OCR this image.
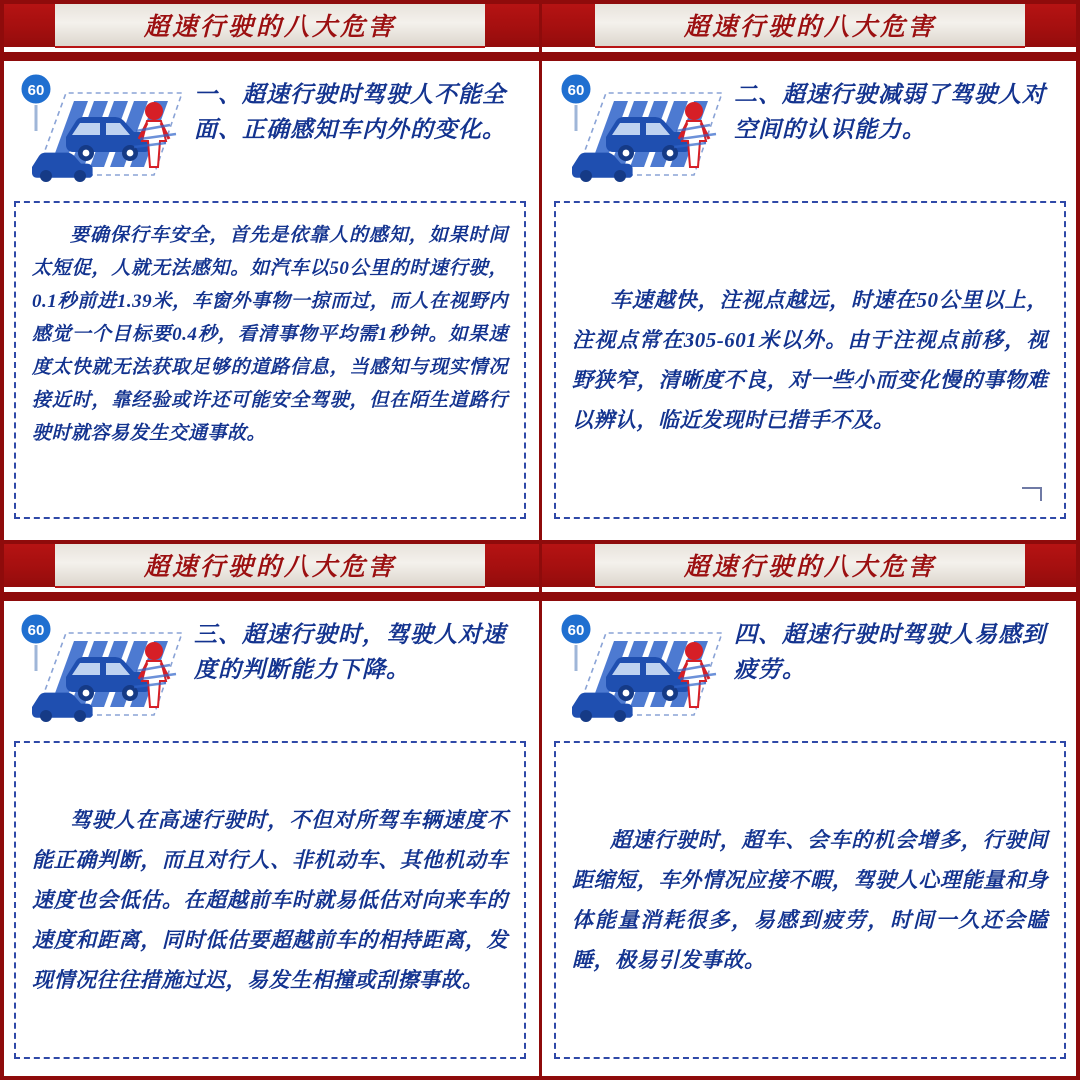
超速行驶的八大危害
60	一、超速行驶时驾驶人不能全面、正确感知车内外的变化。
要确保行车安全，首先是依靠人的感知，如果时间太短促，人就无法感知。如汽车以50公里的时速行驶，0.1秒前进1.39米，车窗外事物一掠而过，而人在视野内感觉一个目标要0.4秒，看清事物平均需1秒钟。如果速度太快就无法获取足够的道路信息，当感知与现实情况接近时，靠经验或许还可能安全驾驶，但在陌生道路行驶时就容易发生交通事故。
超速行驶的八大危害
60	二、超速行驶减弱了驾驶人对空间的认识能力。
车速越快，注视点越远，时速在50公里以上，注视点常在305-601米以外。由于注视点前移，视野狭窄，清晰度不良，对一些小而变化慢的事物难以辨认，临近发现时已措手不及。
超速行驶的八大危害
60	三、超速行驶时，驾驶人对速度的判断能力下降。
驾驶人在高速行驶时，不但对所驾车辆速度不能正确判断，而且对行人、非机动车、其他机动车速度也会低估。在超越前车时就易低估对向来车的速度和距离，同时低估要超越前车的相持距离，发现情况往往措施过迟，易发生相撞或刮擦事故。
超速行驶的八大危害
60	四、超速行驶时驾驶人易感到疲劳。
超速行驶时，超车、会车的机会增多，行驶间距缩短，车外情况应接不暇，驾驶人心理能量和身体能量消耗很多，易感到疲劳，时间一久还会瞌睡，极易引发事故。
